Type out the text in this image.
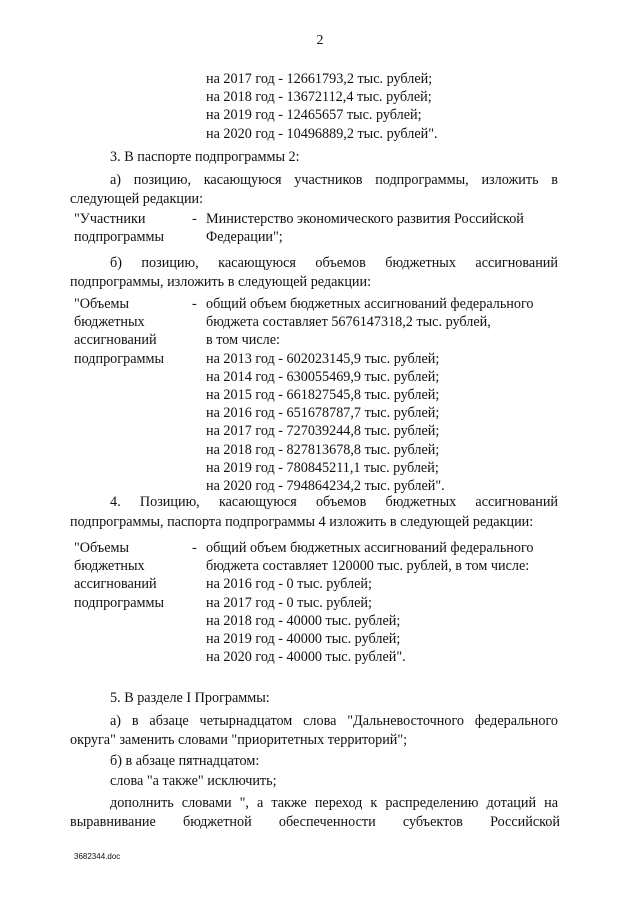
2
на 2017 год - 12661793,2 тыс. рублей;
на 2018 год - 13672112,4 тыс. рублей;
на 2019 год - 12465657 тыс. рублей;
на 2020 год - 10496889,2 тыс. рублей".
3. В паспорте подпрограммы 2:
а) позицию, касающуюся участников подпрограммы, изложить в
следующей редакции:
"Участники
подпрограммы
- Министерство экономического развития Российской
Федерации";
б) позицию, касающуюся объемов бюджетных ассигнований
подпрограммы, изложить в следующей редакции:
"Объемы
бюджетных
ассигнований
подпрограммы
- общий объем бюджетных ассигнований федерального
бюджета составляет 5676147318,2 тыс. рублей,
в том числе:
на 2013 год - 602023145,9 тыс. рублей;
на 2014 год - 630055469,9 тыс. рублей;
на 2015 год - 661827545,8 тыс. рублей;
на 2016 год - 651678787,7 тыс. рублей;
на 2017 год - 727039244,8 тыс. рублей;
на 2018 год - 827813678,8 тыс. рублей;
на 2019 год - 780845211,1 тыс. рублей;
на 2020 год - 794864234,2 тыс. рублей".
4. Позицию, касающуюся объемов бюджетных ассигнований
подпрограммы, паспорта подпрограммы 4 изложить в следующей редакции:
"Объемы
бюджетных
ассигнований
подпрограммы
- общий объем бюджетных ассигнований федерального
бюджета составляет 120000 тыс. рублей, в том числе:
на 2016 год - 0 тыс. рублей;
на 2017 год - 0 тыс. рублей;
на 2018 год - 40000 тыс. рублей;
на 2019 год - 40000 тыс. рублей;
на 2020 год - 40000 тыс. рублей".
5. В разделе I Программы:
а) в абзаце четырнадцатом слова "Дальневосточного федерального
округа" заменить словами "приоритетных территорий";
б) в абзаце пятнадцатом:
слова "а также" исключить;
дополнить словами ", а также переход к распределению дотаций на
выравнивание бюджетной обеспеченности субъектов Российской
3682344.doc
